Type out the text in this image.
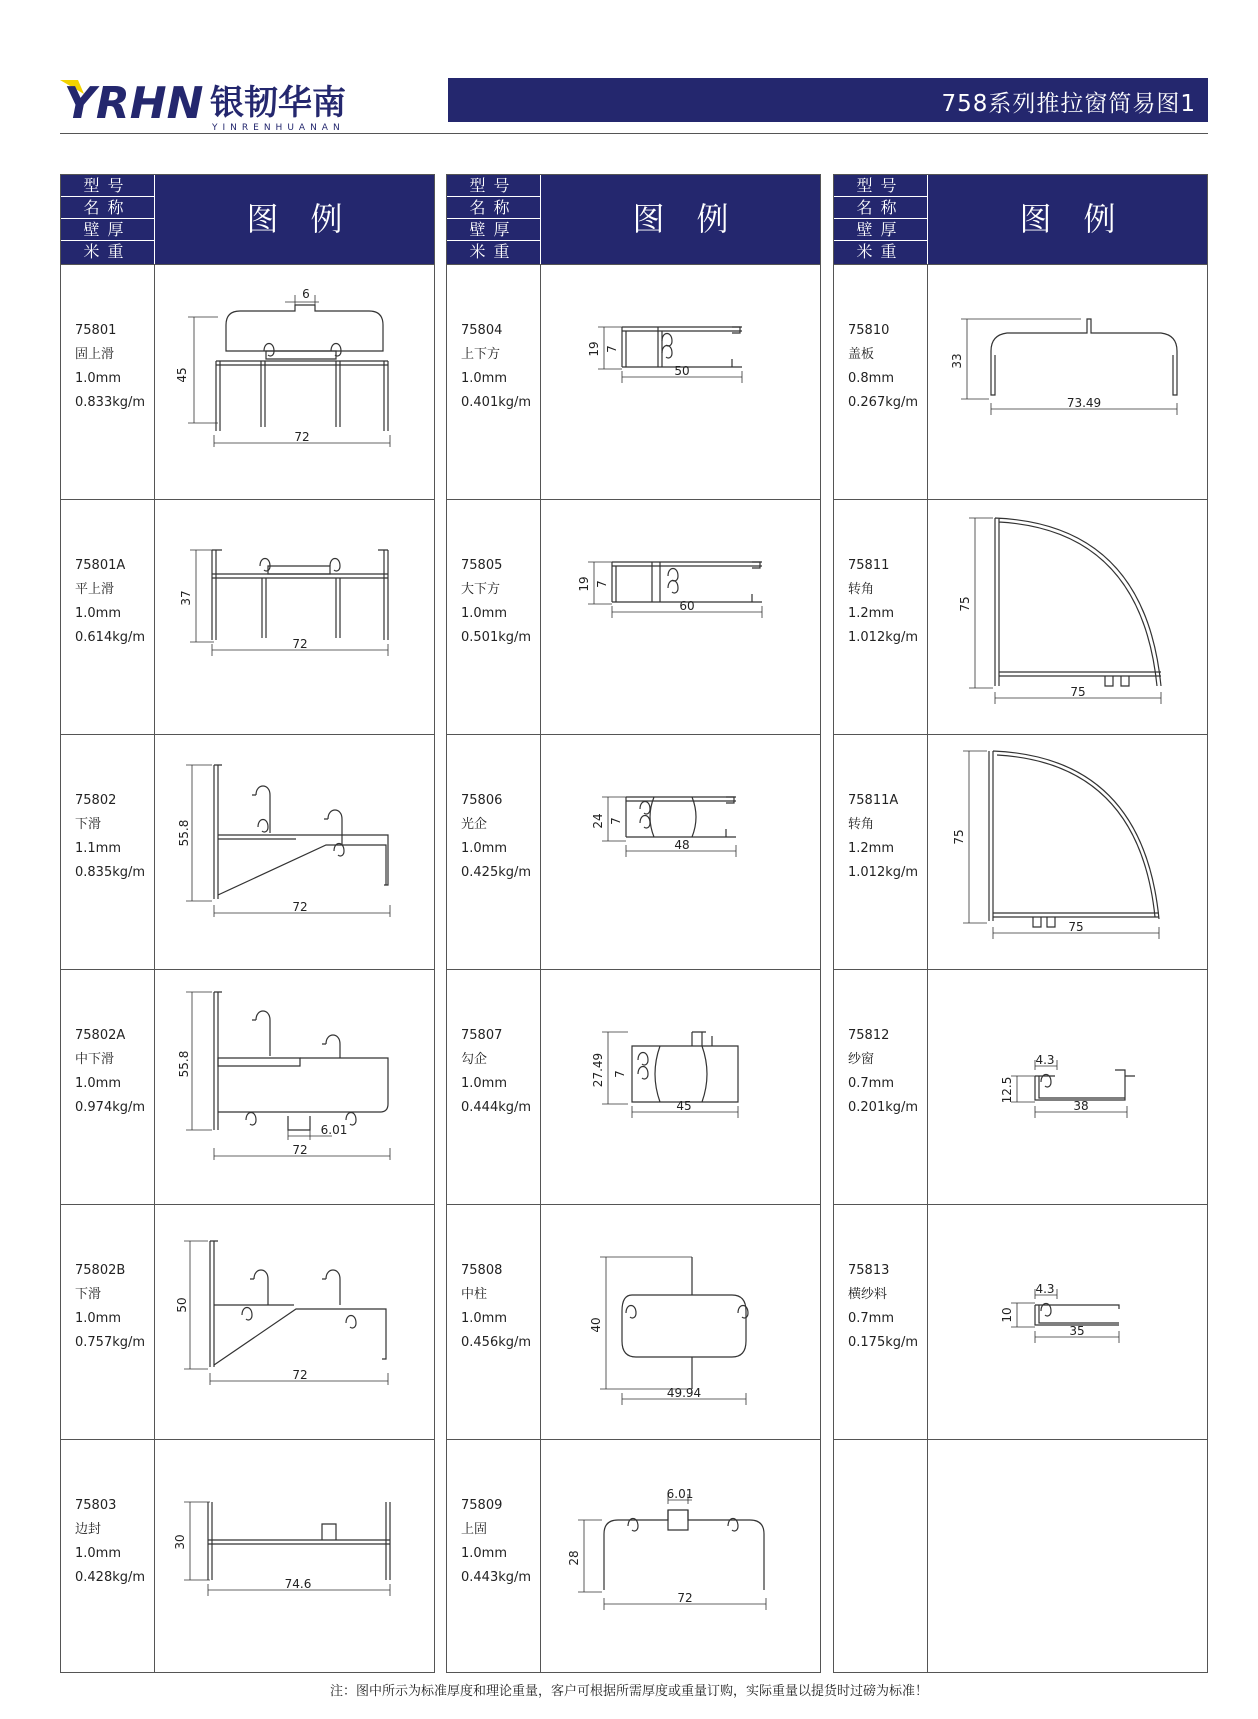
YRHN 银韧华南
YINRENHUANAN
758系列推拉窗简易图1
型号
名称
壁厚
米重
图例
75801
固上滑
1.0mm
0.833kg/m
6
45
72
75801A
平上滑
1.0mm
0.614kg/m
37
72
75802
下滑
1.1mm
0.835kg/m
55.8
72
75802A
中下滑
1.0mm
0.974kg/m
55.8
6.01
72
75802B
下滑
1.0mm
0.757kg/m
50
72
75803
边封
1.0mm
0.428kg/m
30
74.6
型号
名称
壁厚
米重
图例
75804
上下方
1.0mm
0.401kg/m
19 7
50
75805
大下方
1.0mm
0.501kg/m
19 7
60
75806
光企
1.0mm
0.425kg/m
24 7
48
75807
勾企
1.0mm
0.444kg/m
27.49 7
45
75808
中柱
1.0mm
0.456kg/m
40
49.94
75809
上固
1.0mm
0.443kg/m
6.01
28
72
型号
名称
壁厚
米重
图例
75810
盖板
0.8mm
0.267kg/m
33
73.49
75811
转角
1.2mm
1.012kg/m
75
75
75811A
转角
1.2mm
1.012kg/m
75
75
75812
纱窗
0.7mm
0.201kg/m
4.3
12.5
38
75813
横纱料
0.7mm
0.175kg/m
4.3
10
35
注：图中所示为标准厚度和理论重量，客户可根据所需厚度或重量订购，实际重量以提货时过磅为标准！
